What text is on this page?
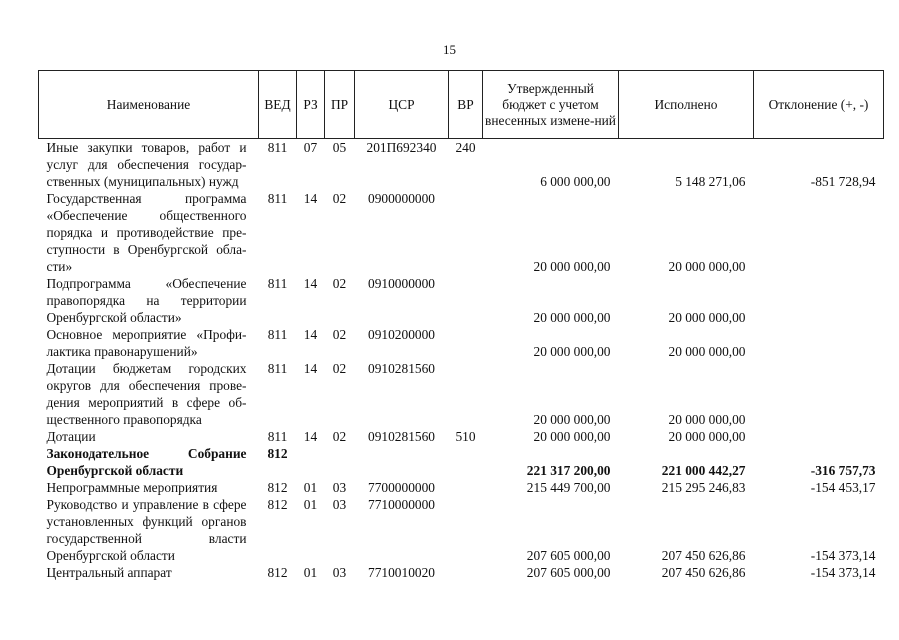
15
Наименование	ВЕД	РЗ	ПР	ЦСР	ВР	Утвержденный бюджет с учетом внесенных измене-ний	Исполнено	Отклонение (+, -)
Иные закупки товаров, работ и услуг для обеспечения государ-ственных (муниципальных) нужд	811	07	05	201П692340	240	6 000 000,00	5 148 271,06	-851 728,94
Государственная программа «Обеспечение общественного порядка и противодействие пре-ступности в Оренбургской обла-сти»	811	14	02	0900000000		20 000 000,00	20 000 000,00	
Подпрограмма «Обеспечение правопорядка на территории Оренбургской области»	811	14	02	0910000000		20 000 000,00	20 000 000,00	
Основное мероприятие «Профи-лактика правонарушений»	811	14	02	0910200000		20 000 000,00	20 000 000,00	
Дотации бюджетам городских округов для обеспечения прове-дения мероприятий в сфере об-щественного правопорядка	811	14	02	0910281560		20 000 000,00	20 000 000,00	
Дотации	811	14	02	0910281560	510	20 000 000,00	20 000 000,00	
Законодательное Собрание Оренбургской области	812					221 317 200,00	221 000 442,27	-316 757,73
Непрограммные мероприятия	812	01	03	7700000000		215 449 700,00	215 295 246,83	-154 453,17
Руководство и управление в сфере установленных функций органов государственной власти Оренбургской области	812	01	03	7710000000		207 605 000,00	207 450 626,86	-154 373,14
Центральный аппарат	812	01	03	7710010020		207 605 000,00	207 450 626,86	-154 373,14
